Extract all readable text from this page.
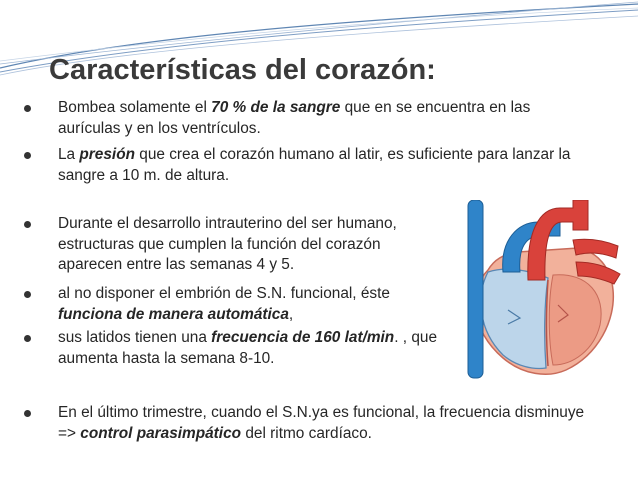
Características del corazón:
Bombea solamente el 70 % de la sangre que en se encuentra en las aurículas y en los ventrículos.
La presión que crea el corazón humano al latir, es suficiente para lanzar la sangre a 10 m. de altura.
Durante el desarrollo intrauterino del ser humano, estructuras que cumplen la función del corazón aparecen entre las semanas 4 y 5.
al no disponer el embrión de S.N. funcional, éste funciona de manera automática,
sus latidos tienen una frecuencia de 160 lat/min. , que aumenta hasta la semana 8-10.
En el último trimestre, cuando el S.N.ya es funcional, la frecuencia disminuye => control parasimpático del ritmo cardíaco.
